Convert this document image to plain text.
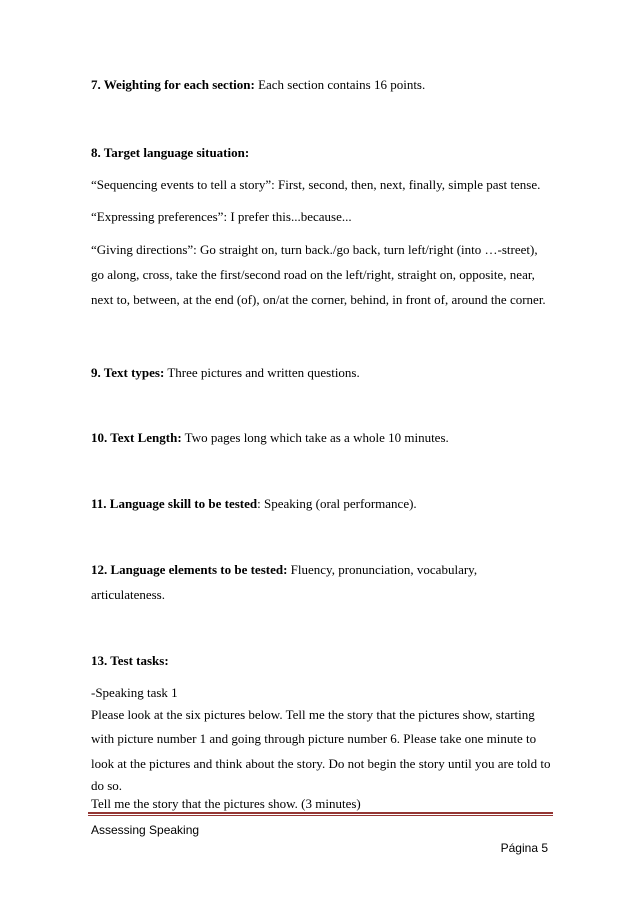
7. Weighting for each section: Each section contains 16 points.
8. Target language situation:
“Sequencing events to tell a story”: First, second, then, next, finally, simple past tense.
“Expressing preferences”: I prefer this...because...
“Giving directions”: Go straight on, turn back./go back, turn left/right (into …-street),
go along, cross, take the first/second road on the left/right, straight on, opposite, near,
next to, between, at the end (of), on/at the corner, behind, in front of, around the corner.
9. Text types: Three pictures and written questions.
10. Text Length: Two pages long which take as a whole 10 minutes.
11. Language skill to be tested: Speaking (oral performance).
12. Language elements to be tested: Fluency, pronunciation, vocabulary,
articulateness.
13. Test tasks:
-Speaking task 1
Please look at the six pictures below. Tell me the story that the pictures show, starting
with picture number 1 and going through picture number 6. Please take one minute to
look at the pictures and think about the story. Do not begin the story until you are told to
do so.
Tell me the story that the pictures show. (3 minutes)
Assessing Speaking
Página 5
